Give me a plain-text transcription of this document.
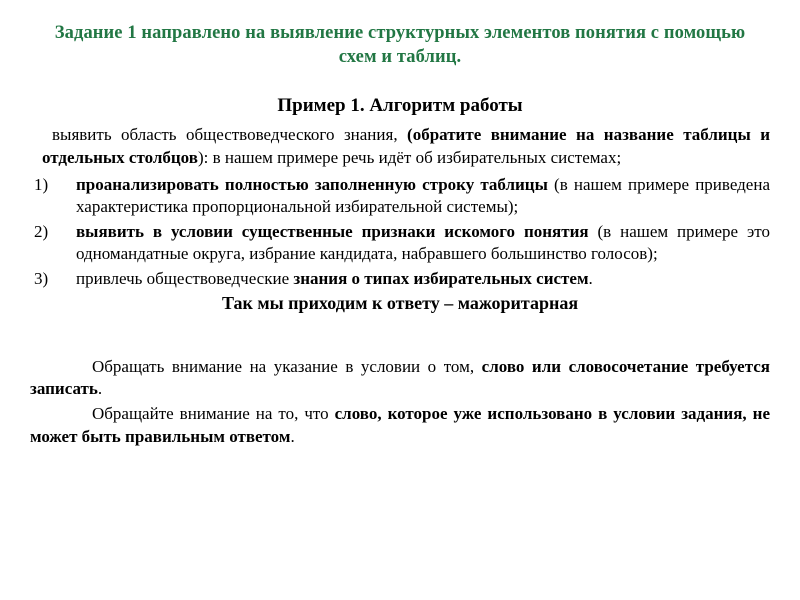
Задание 1 направлено на выявление структурных элементов понятия с помощью схем и таблиц.
Пример 1. Алгоритм работы

выявить область обществоведческого знания, (обратите внимание на название таблицы и отдельных столбцов): в нашем примере речь идёт об избирательных системах;

1)	проанализировать полностью заполненную строку таблицы (в нашем примере приведена характеристика пропорциональной избирательной системы);
2)	выявить в условии существенные признаки искомого понятия (в нашем примере это одномандатные округа, избрание кандидата, набравшего большинство голосов);
3)	привлечь обществоведческие знания о типах избирательных систем.
Так мы приходим к ответу – мажоритарная

Обращать внимание на указание в условии о том, слово или словосочетание требуется записать.

Обращайте внимание на то, что слово, которое уже использовано в условии задания, не может быть правильным ответом.
